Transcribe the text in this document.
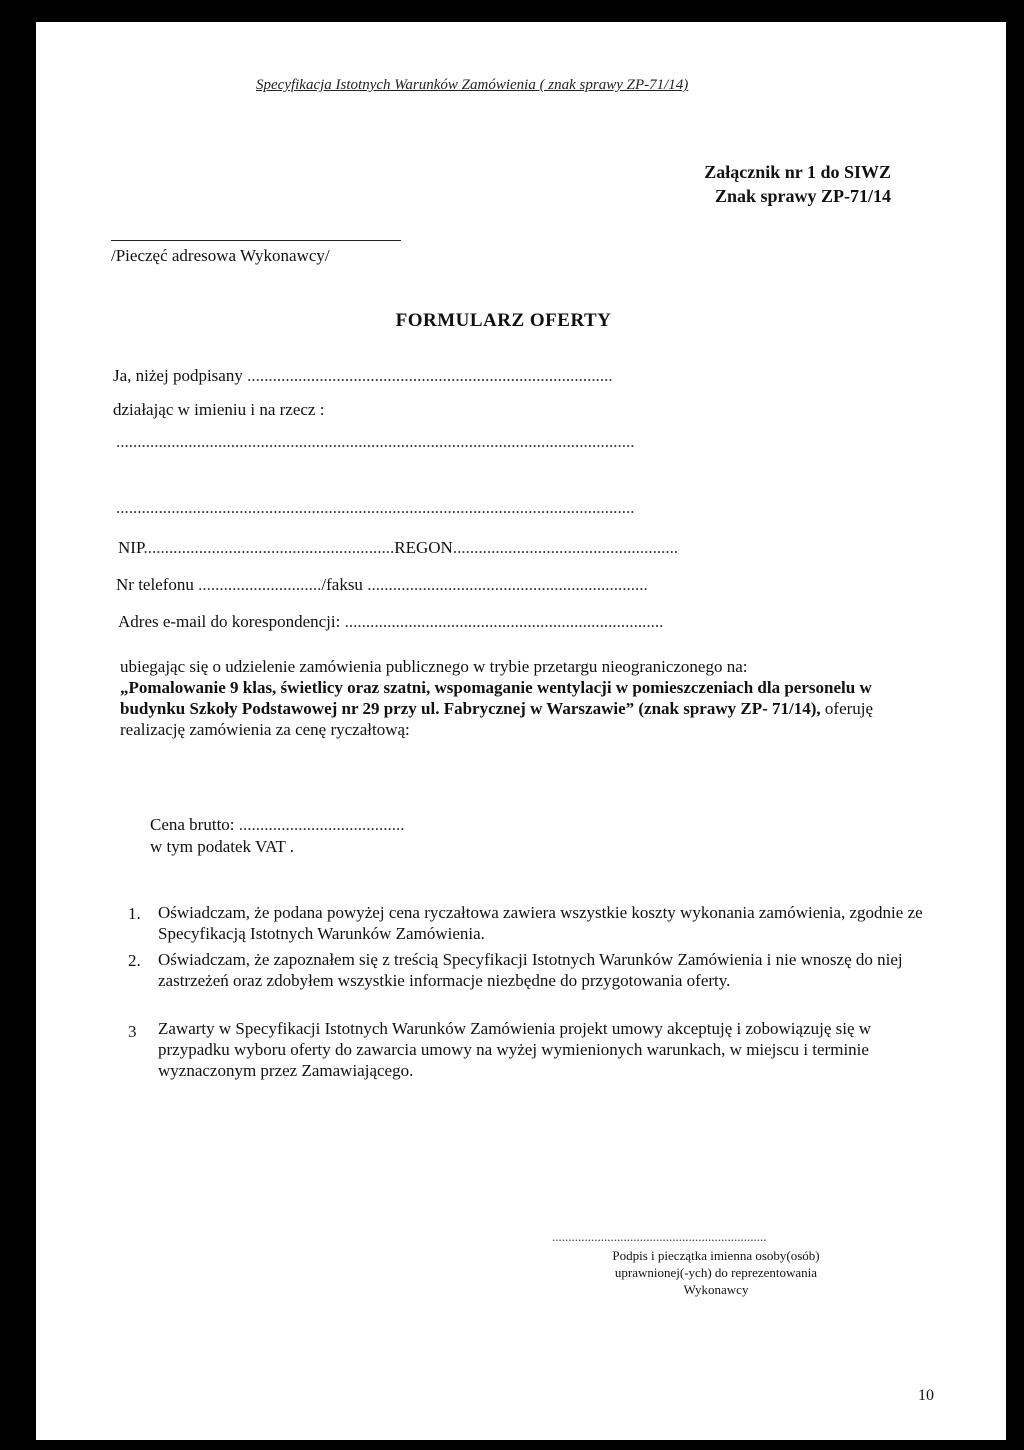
Specyfikacja Istotnych Warunków Zamówienia ( znak sprawy ZP-71/14)
Załącznik nr 1 do SIWZ
Znak sprawy ZP-71/14
/Pieczęć adresowa Wykonawcy/
FORMULARZ OFERTY
Ja, niżej podpisany ......................................................................................
działając w imieniu i na rzecz :
..........................................................................................................................
..........................................................................................................................
NIP...........................................................REGON.....................................................
Nr telefonu ............................./faksu ..................................................................
Adres e-mail do korespondencji: ...........................................................................
ubiegając się o udzielenie zamówienia publicznego w trybie przetargu nieograniczonego na:
„Pomalowanie 9 klas, świetlicy oraz szatni, wspomaganie wentylacji w pomieszczeniach dla personelu w budynku Szkoły Podstawowej nr 29 przy ul. Fabrycznej w Warszawie” (znak sprawy ZP- 71/14), oferuję realizację zamówienia za cenę ryczałtową:
Cena brutto: .......................................
w tym podatek VAT .
1. Oświadczam, że podana powyżej cena ryczałtowa zawiera wszystkie koszty wykonania zamówienia, zgodnie ze Specyfikacją Istotnych Warunków Zamówienia.
2. Oświadczam, że zapoznałem się z treścią Specyfikacji Istotnych Warunków Zamówienia i nie wnoszę do niej zastrzeżeń oraz zdobyłem wszystkie informacje niezbędne do przygotowania oferty.
3 Zawarty w Specyfikacji Istotnych Warunków Zamówienia projekt umowy akceptuję i zobowiązuję się w przypadku wyboru oferty do zawarcia umowy na wyżej wymienionych warunkach, w miejscu i terminie wyznaczonym przez Zamawiającego.
..................................................................
Podpis i pieczątka imienna osoby(osób)
uprawnionej(-ych) do reprezentowania
Wykonawcy
10
